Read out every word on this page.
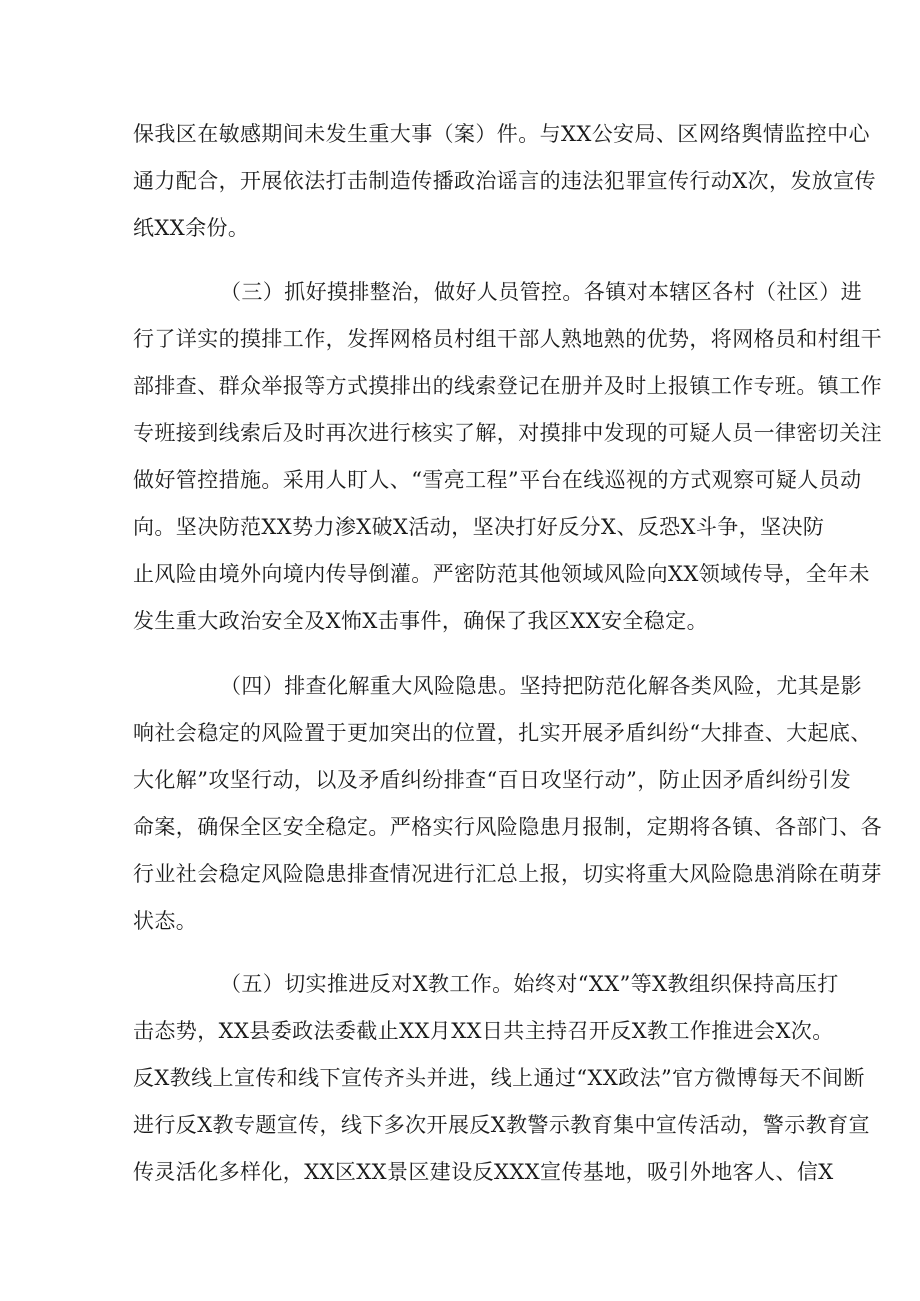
保我区在敏感期间未发生重大事（案）件。与XX公安局、区网络舆情监控中心
通力配合，开展依法打击制造传播政治谣言的违法犯罪宣传行动X次，发放宣传
纸XX余份。
（三）抓好摸排整治，做好人员管控。各镇对本辖区各村（社区）进
行了详实的摸排工作，发挥网格员村组干部人熟地熟的优势，将网格员和村组干
部排查、群众举报等方式摸排出的线索登记在册并及时上报镇工作专班。镇工作
专班接到线索后及时再次进行核实了解，对摸排中发现的可疑人员一律密切关注
做好管控措施。采用人盯人、“雪亮工程”平台在线巡视的方式观察可疑人员动
向。坚决防范XX势力渗X破X活动，坚决打好反分X、反恐X斗争，坚决防
止风险由境外向境内传导倒灌。严密防范其他领域风险向XX领域传导，全年未
发生重大政治安全及X怖X击事件，确保了我区XX安全稳定。
（四）排查化解重大风险隐患。坚持把防范化解各类风险，尤其是影
响社会稳定的风险置于更加突出的位置，扎实开展矛盾纠纷“大排查、大起底、
大化解”攻坚行动，以及矛盾纠纷排查“百日攻坚行动”，防止因矛盾纠纷引发
命案，确保全区安全稳定。严格实行风险隐患月报制，定期将各镇、各部门、各
行业社会稳定风险隐患排查情况进行汇总上报，切实将重大风险隐患消除在萌芽
状态。
（五）切实推进反对X教工作。始终对“XX”等X教组织保持高压打
击态势，XX县委政法委截止XX月XX日共主持召开反X教工作推进会X次。
反X教线上宣传和线下宣传齐头并进，线上通过“XX政法”官方微博每天不间断
进行反X教专题宣传，线下多次开展反X教警示教育集中宣传活动，警示教育宣
传灵活化多样化，XX区XX景区建设反XXX宣传基地，吸引外地客人、信X
